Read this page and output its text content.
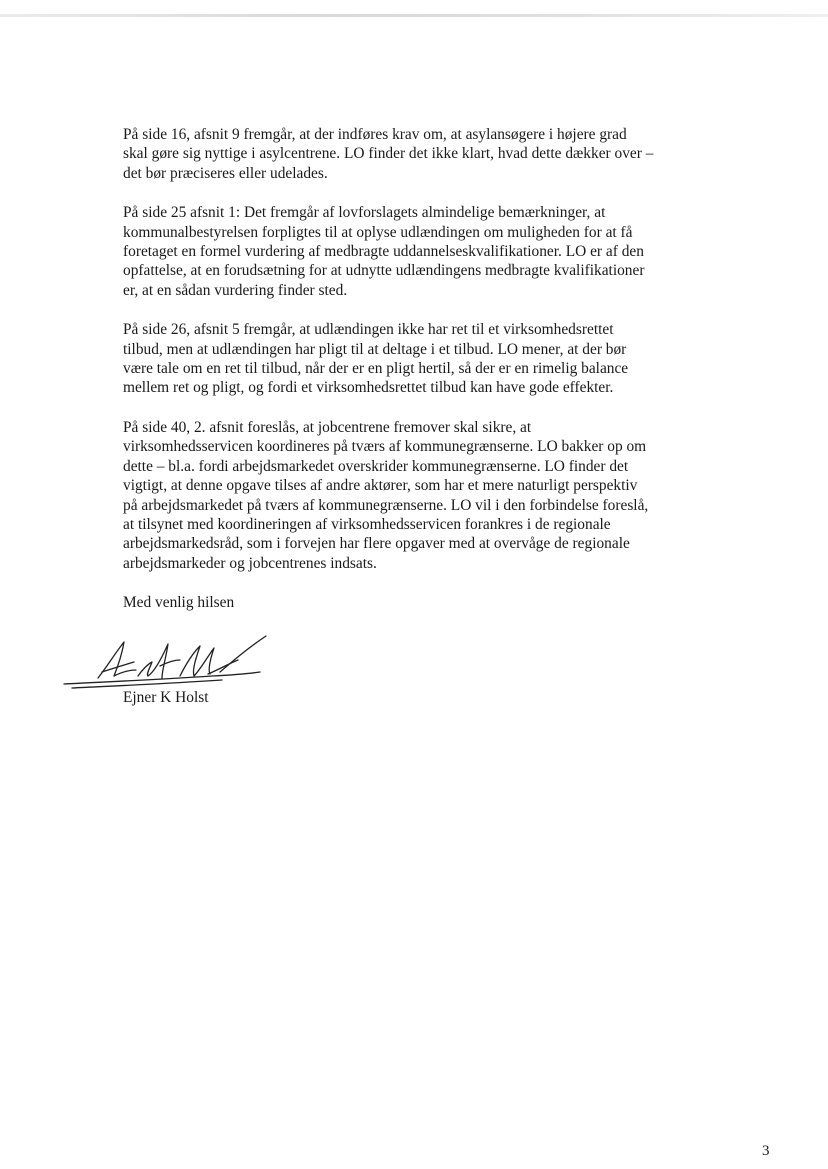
På side 16, afsnit 9 fremgår, at der indføres krav om, at asylansøgere i højere grad
skal gøre sig nyttige i asylcentrene. LO finder det ikke klart, hvad dette dækker over –
det bør præciseres eller udelades.

På side 25 afsnit 1: Det fremgår af lovforslagets almindelige bemærkninger, at
kommunalbestyrelsen forpligtes til at oplyse udlændingen om muligheden for at få
foretaget en formel vurdering af medbragte uddannelseskvalifikationer. LO er af den
opfattelse, at en forudsætning for at udnytte udlændingens medbragte kvalifikationer
er, at en sådan vurdering finder sted.

På side 26, afsnit 5 fremgår, at udlændingen ikke har ret til et virksomhedsrettet
tilbud, men at udlændingen har pligt til at deltage i et tilbud. LO mener, at der bør
være tale om en ret til tilbud, når der er en pligt hertil, så der er en rimelig balance
mellem ret og pligt, og fordi et virksomhedsrettet tilbud kan have gode effekter.

På side 40, 2. afsnit foreslås, at jobcentrene fremover skal sikre, at
virksomhedsservicen koordineres på tværs af kommunegrænserne. LO bakker op om
dette – bl.a. fordi arbejdsmarkedet overskrider kommunegrænserne. LO finder det
vigtigt, at denne opgave tilses af andre aktører, som har et mere naturligt perspektiv
på arbejdsmarkedet på tværs af kommunegrænserne. LO vil i den forbindelse foreslå,
at tilsynet med koordineringen af virksomhedsservicen forankres i de regionale
arbejdsmarkedsråd, som i forvejen har flere opgaver med at overvåge de regionale
arbejdsmarkeder og jobcentrenes indsats.

Med venlig hilsen
Ejner K Holst
3
